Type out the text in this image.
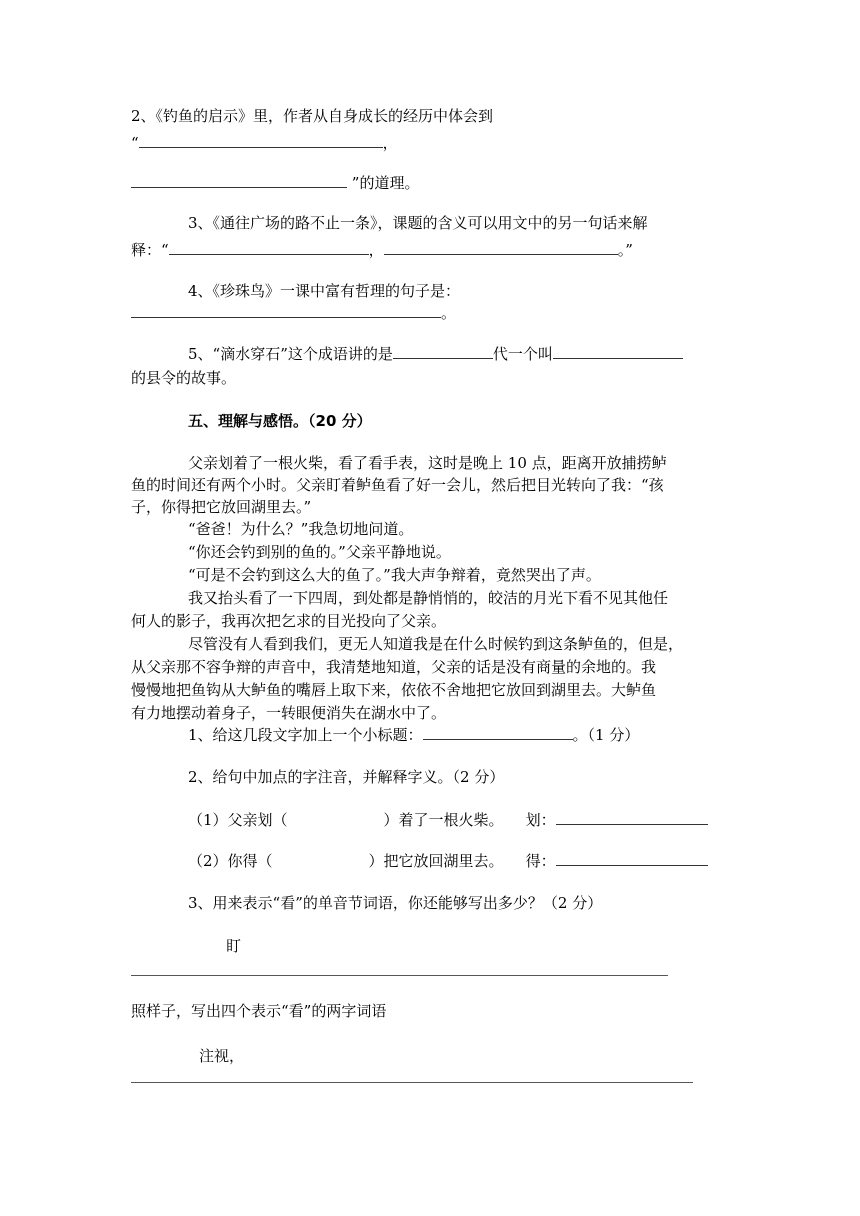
2、《钓鱼的启示》里，作者从自身成长的经历中体会到
“	，
”的道理。
3、《通往广场的路不止一条》，课题的含义可以用文中的另一句话来解
释：“	，	。”
4、《珍珠鸟》一课中富有哲理的句子是：
。
5、“滴水穿石”这个成语讲的是	代一个叫
的县令的故事。
五、理解与感悟。（20 分）
父亲划着了一根火柴，看了看手表，这时是晚上 10 点，距离开放捕捞鲈
鱼的时间还有两个小时。父亲盯着鲈鱼看了好一会儿，然后把目光转向了我：“孩
子，你得把它放回湖里去。”
“爸爸！为什么？”我急切地问道。
“你还会钓到别的鱼的。”父亲平静地说。
“可是不会钓到这么大的鱼了。”我大声争辩着，竟然哭出了声。
我又抬头看了一下四周，到处都是静悄悄的，皎洁的月光下看不见其他任
何人的影子，我再次把乞求的目光投向了父亲。
尽管没有人看到我们，更无人知道我是在什么时候钓到这条鲈鱼的，但是，
从父亲那不容争辩的声音中，我清楚地知道，父亲的话是没有商量的余地的。我
慢慢地把鱼钩从大鲈鱼的嘴唇上取下来，依依不舍地把它放回到湖里去。大鲈鱼
有力地摆动着身子，一转眼便消失在湖水中了。
1、给这几段文字加上一个小标题：	。（1 分）
2、给句中加点的字注音，并解释字义。（2 分）
（1）父亲划（	）着了一根火柴。 划：
（2）你得（	）把它放回湖里去。 得：
3、用来表示“看”的单音节词语，你还能够写出多少？（2 分）
盯
照样子，写出四个表示“看”的两字词语
注视，
